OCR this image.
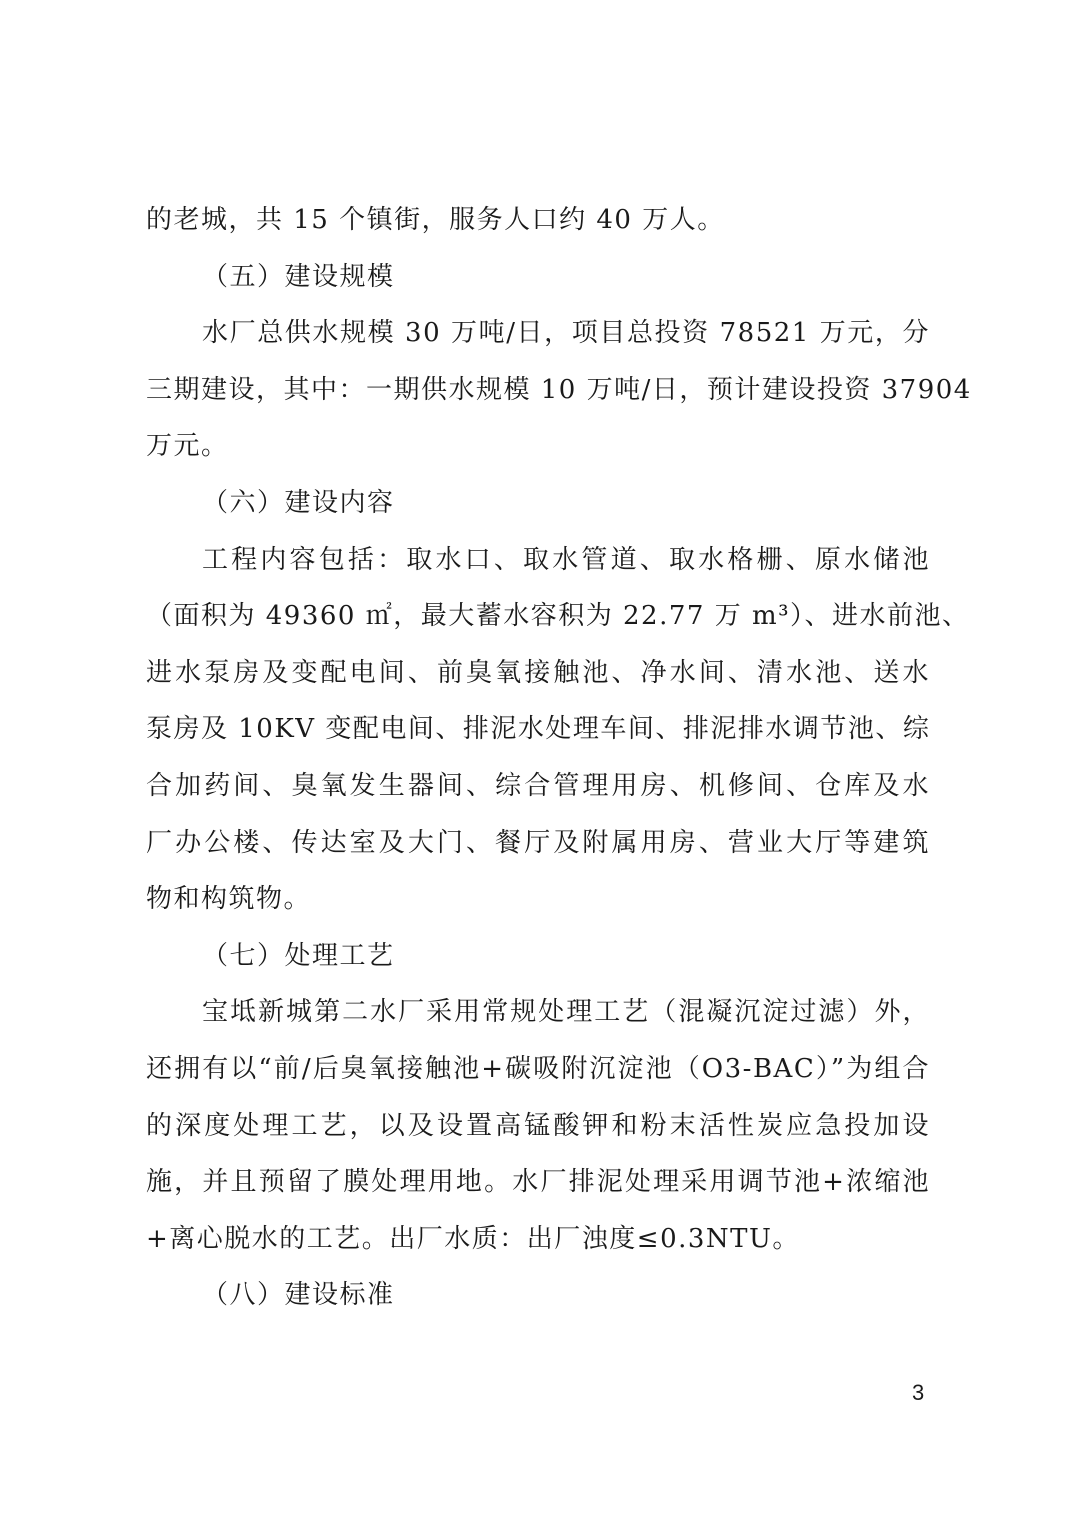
的老城，共 15 个镇街，服务人口约 40 万人。
（五）建设规模
水厂总供水规模 30 万吨/日，项目总投资 78521 万元，分
三期建设，其中：一期供水规模 10 万吨/日，预计建设投资 37904
万元。
（六）建设内容
工程内容包括：取水口、取水管道、取水格栅、原水储池
（面积为 49360 ㎡，最大蓄水容积为 22.77 万 m³）、进水前池、
进水泵房及变配电间、前臭氧接触池、净水间、清水池、送水
泵房及 10KV 变配电间、排泥水处理车间、排泥排水调节池、综
合加药间、臭氧发生器间、综合管理用房、机修间、仓库及水
厂办公楼、传达室及大门、餐厅及附属用房、营业大厅等建筑
物和构筑物。
（七）处理工艺
宝坻新城第二水厂采用常规处理工艺（混凝沉淀过滤）外，
还拥有以“前/后臭氧接触池+碳吸附沉淀池（O3-BAC）”为组合
的深度处理工艺，以及设置高锰酸钾和粉末活性炭应急投加设
施，并且预留了膜处理用地。水厂排泥处理采用调节池+浓缩池
+离心脱水的工艺。出厂水质：出厂浊度≤0.3NTU。
（八）建设标准
3
